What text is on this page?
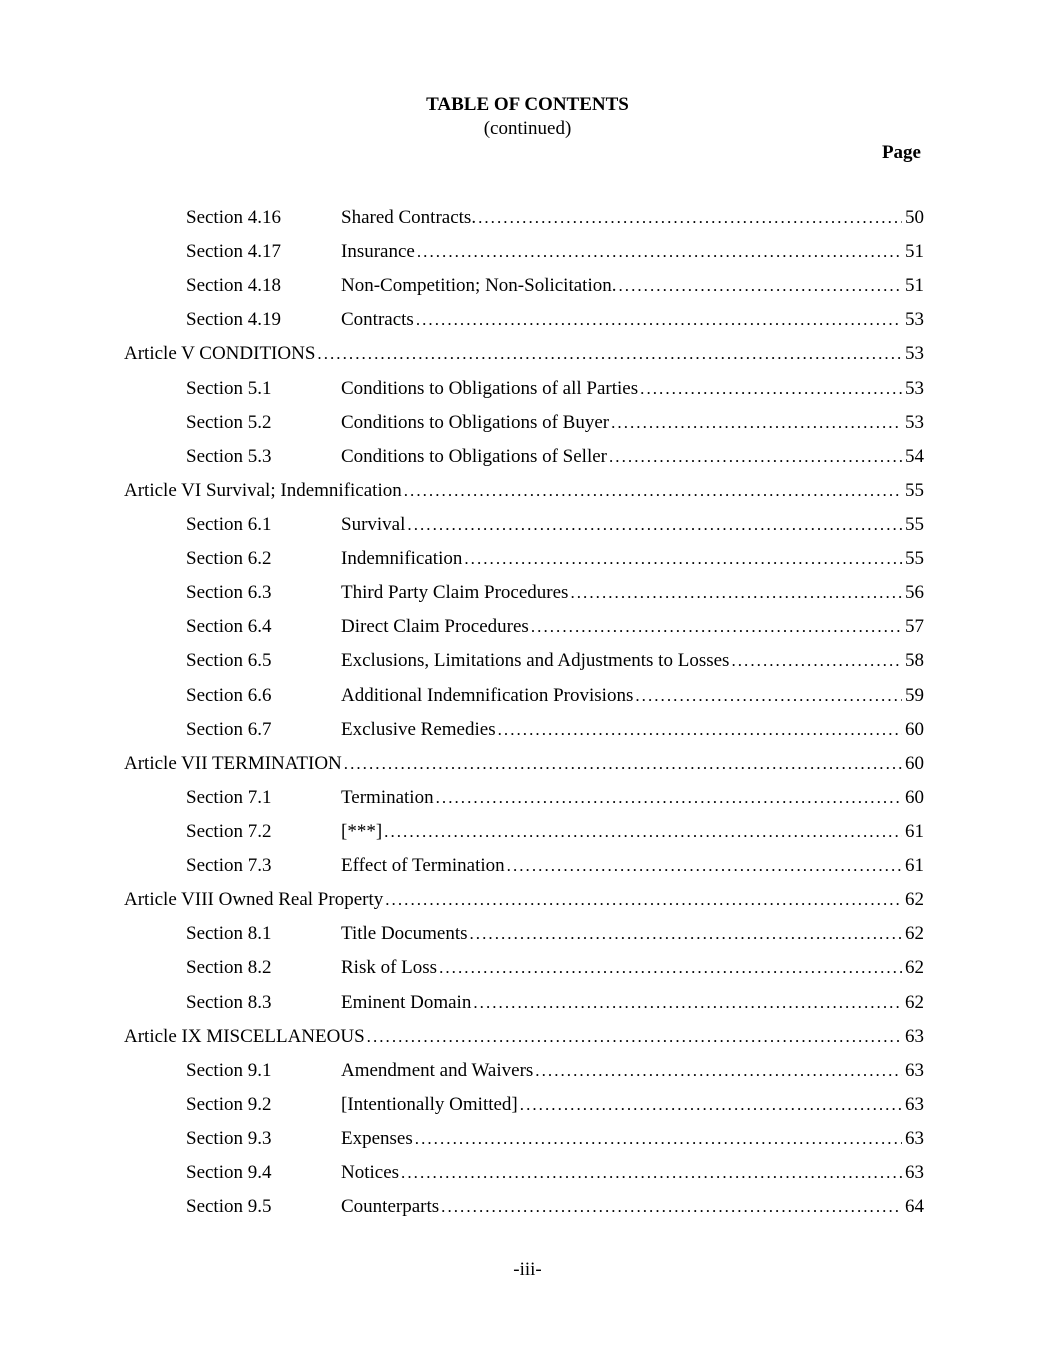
TABLE OF CONTENTS
(continued)
Page
Section 4.16	Shared Contracts. . . .	50
Section 4.17	Insurance . . .	51
Section 4.18	Non-Competition; Non-Solicitation. . . .	51
Section 4.19	Contracts . . .	53
Article V CONDITIONS . . .	53
Section 5.1	Conditions to Obligations of all Parties . . .	53
Section 5.2	Conditions to Obligations of Buyer . . .	53
Section 5.3	Conditions to Obligations of Seller . . .	54
Article VI Survival; Indemnification . . .	55
Section 6.1	Survival . . .	55
Section 6.2	Indemnification . . .	55
Section 6.3	Third Party Claim Procedures . . .	56
Section 6.4	Direct Claim Procedures . . .	57
Section 6.5	Exclusions, Limitations and Adjustments to Losses . . .	58
Section 6.6	Additional Indemnification Provisions . . .	59
Section 6.7	Exclusive Remedies . . .	60
Article VII TERMINATION . . .	60
Section 7.1	Termination . . .	60
Section 7.2	[***] . . .	61
Section 7.3	Effect of Termination . . .	61
Article VIII Owned Real Property . . .	62
Section 8.1	Title Documents . . .	62
Section 8.2	Risk of Loss . . .	62
Section 8.3	Eminent Domain . . .	62
Article IX MISCELLANEOUS . . .	63
Section 9.1	Amendment and Waivers . . .	63
Section 9.2	[Intentionally Omitted] . . .	63
Section 9.3	Expenses . . .	63
Section 9.4	Notices . . .	63
Section 9.5	Counterparts . . .	64
-iii-
